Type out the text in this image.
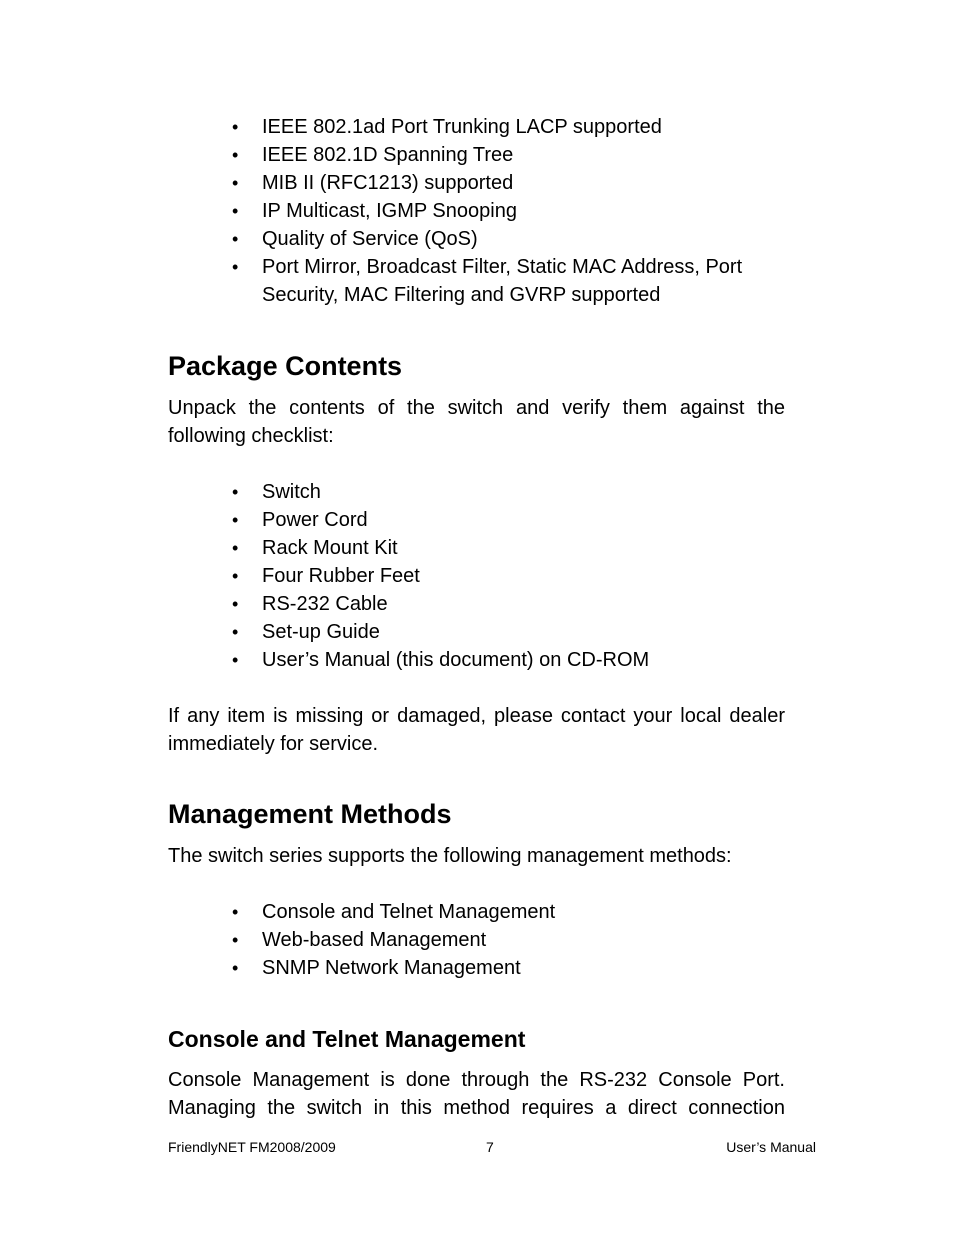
• IEEE 802.1ad Port Trunking LACP supported
• IEEE 802.1D Spanning Tree
• MIB II (RFC1213) supported
• IP Multicast, IGMP Snooping
• Quality of Service (QoS)
• Port Mirror, Broadcast Filter, Static MAC Address, Port Security, MAC Filtering and GVRP supported
Package Contents

Unpack the contents of the switch and verify them against the following checklist:

• Switch
• Power Cord
• Rack Mount Kit
• Four Rubber Feet
• RS-232 Cable
• Set-up Guide
• User’s Manual (this document) on CD-ROM

If any item is missing or damaged, please contact your local dealer immediately for service.

Management Methods

The switch series supports the following management methods:

• Console and Telnet Management
• Web-based Management
• SNMP Network Management
Console and Telnet Management

Console Management is done through the RS-232 Console Port.

Managing the switch in this method requires a direct connection

FriendlyNET FM2008/2009	7	User’s Manual
